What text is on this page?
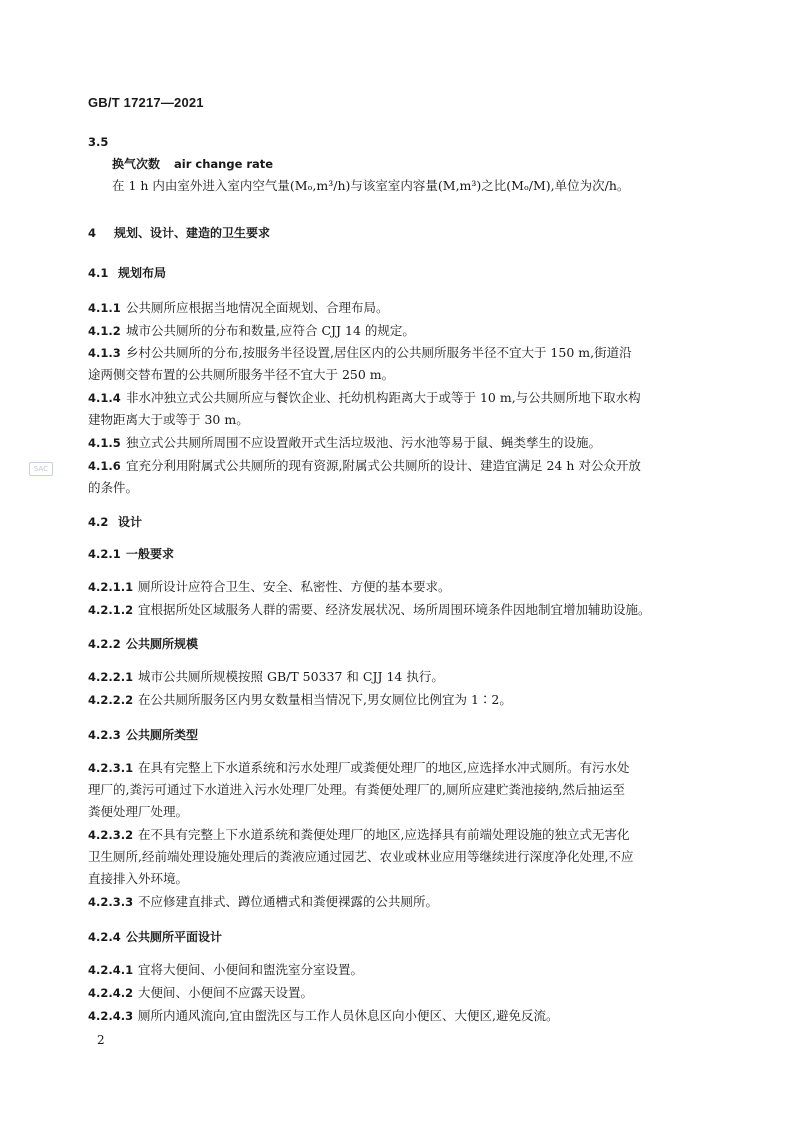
GB/T 17217—2021
SAC
3.5
换气次数 air change rate
在 1 h 内由室外进入室内空气量(Mₒ,m³/h)与该室室内容量(M,m³)之比(Mₒ/M),单位为次/h。
4 规划、设计、建造的卫生要求
4.1 规划布局
4.1.1 公共厕所应根据当地情况全面规划、合理布局。
4.1.2 城市公共厕所的分布和数量,应符合 CJJ 14 的规定。
4.1.3 乡村公共厕所的分布,按服务半径设置,居住区内的公共厕所服务半径不宜大于 150 m,街道沿
途两侧交替布置的公共厕所服务半径不宜大于 250 m。
4.1.4 非水冲独立式公共厕所应与餐饮企业、托幼机构距离大于或等于 10 m,与公共厕所地下取水构
建物距离大于或等于 30 m。
4.1.5 独立式公共厕所周围不应设置敞开式生活垃圾池、污水池等易于鼠、蝇类孳生的设施。
4.1.6 宜充分利用附属式公共厕所的现有资源,附属式公共厕所的设计、建造宜满足 24 h 对公众开放
的条件。
4.2 设计
4.2.1 一般要求
4.2.1.1 厕所设计应符合卫生、安全、私密性、方便的基本要求。
4.2.1.2 宜根据所处区域服务人群的需要、经济发展状况、场所周围环境条件因地制宜增加辅助设施。
4.2.2 公共厕所规模
4.2.2.1 城市公共厕所规模按照 GB/T 50337 和 CJJ 14 执行。
4.2.2.2 在公共厕所服务区内男女数量相当情况下,男女厕位比例宜为 1∶2。
4.2.3 公共厕所类型
4.2.3.1 在具有完整上下水道系统和污水处理厂或粪便处理厂的地区,应选择水冲式厕所。有污水处
理厂的,粪污可通过下水道进入污水处理厂处理。有粪便处理厂的,厕所应建贮粪池接纳,然后抽运至
粪便处理厂处理。
4.2.3.2 在不具有完整上下水道系统和粪便处理厂的地区,应选择具有前端处理设施的独立式无害化
卫生厕所,经前端处理设施处理后的粪液应通过园艺、农业或林业应用等继续进行深度净化处理,不应
直接排入外环境。
4.2.3.3 不应修建直排式、蹲位通槽式和粪便裸露的公共厕所。
4.2.4 公共厕所平面设计
4.2.4.1 宜将大便间、小便间和盥洗室分室设置。
4.2.4.2 大便间、小便间不应露天设置。
4.2.4.3 厕所内通风流向,宜由盥洗区与工作人员休息区向小便区、大便区,避免反流。
2
